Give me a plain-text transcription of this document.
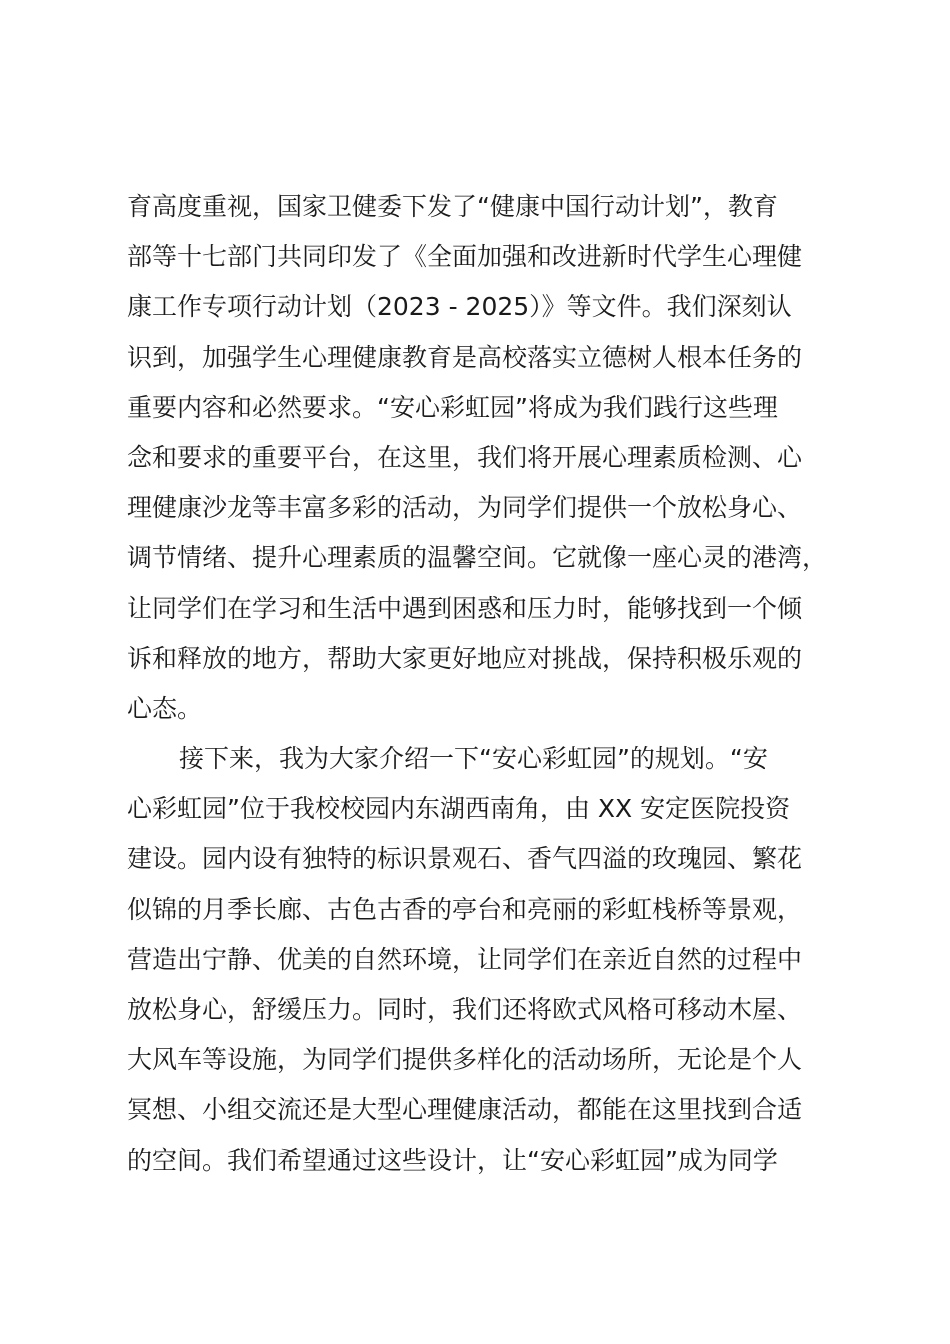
育高度重视，国家卫健委下发了“健康中国行动计划”，教育
部等十七部门共同印发了《全面加强和改进新时代学生心理健
康工作专项行动计划（2023 - 2025）》等文件。我们深刻认
识到，加强学生心理健康教育是高校落实立德树人根本任务的
重要内容和必然要求。“安心彩虹园”将成为我们践行这些理
念和要求的重要平台，在这里，我们将开展心理素质检测、心
理健康沙龙等丰富多彩的活动，为同学们提供一个放松身心、
调节情绪、提升心理素质的温馨空间。它就像一座心灵的港湾，
让同学们在学习和生活中遇到困惑和压力时，能够找到一个倾
诉和释放的地方，帮助大家更好地应对挑战，保持积极乐观的
心态。
接下来，我为大家介绍一下“安心彩虹园”的规划。“安
心彩虹园”位于我校校园内东湖西南角，由 XX 安定医院投资
建设。园内设有独特的标识景观石、香气四溢的玫瑰园、繁花
似锦的月季长廊、古色古香的亭台和亮丽的彩虹栈桥等景观，
营造出宁静、优美的自然环境，让同学们在亲近自然的过程中
放松身心，舒缓压力。同时，我们还将欧式风格可移动木屋、
大风车等设施，为同学们提供多样化的活动场所，无论是个人
冥想、小组交流还是大型心理健康活动，都能在这里找到合适
的空间。我们希望通过这些设计，让“安心彩虹园”成为同学
